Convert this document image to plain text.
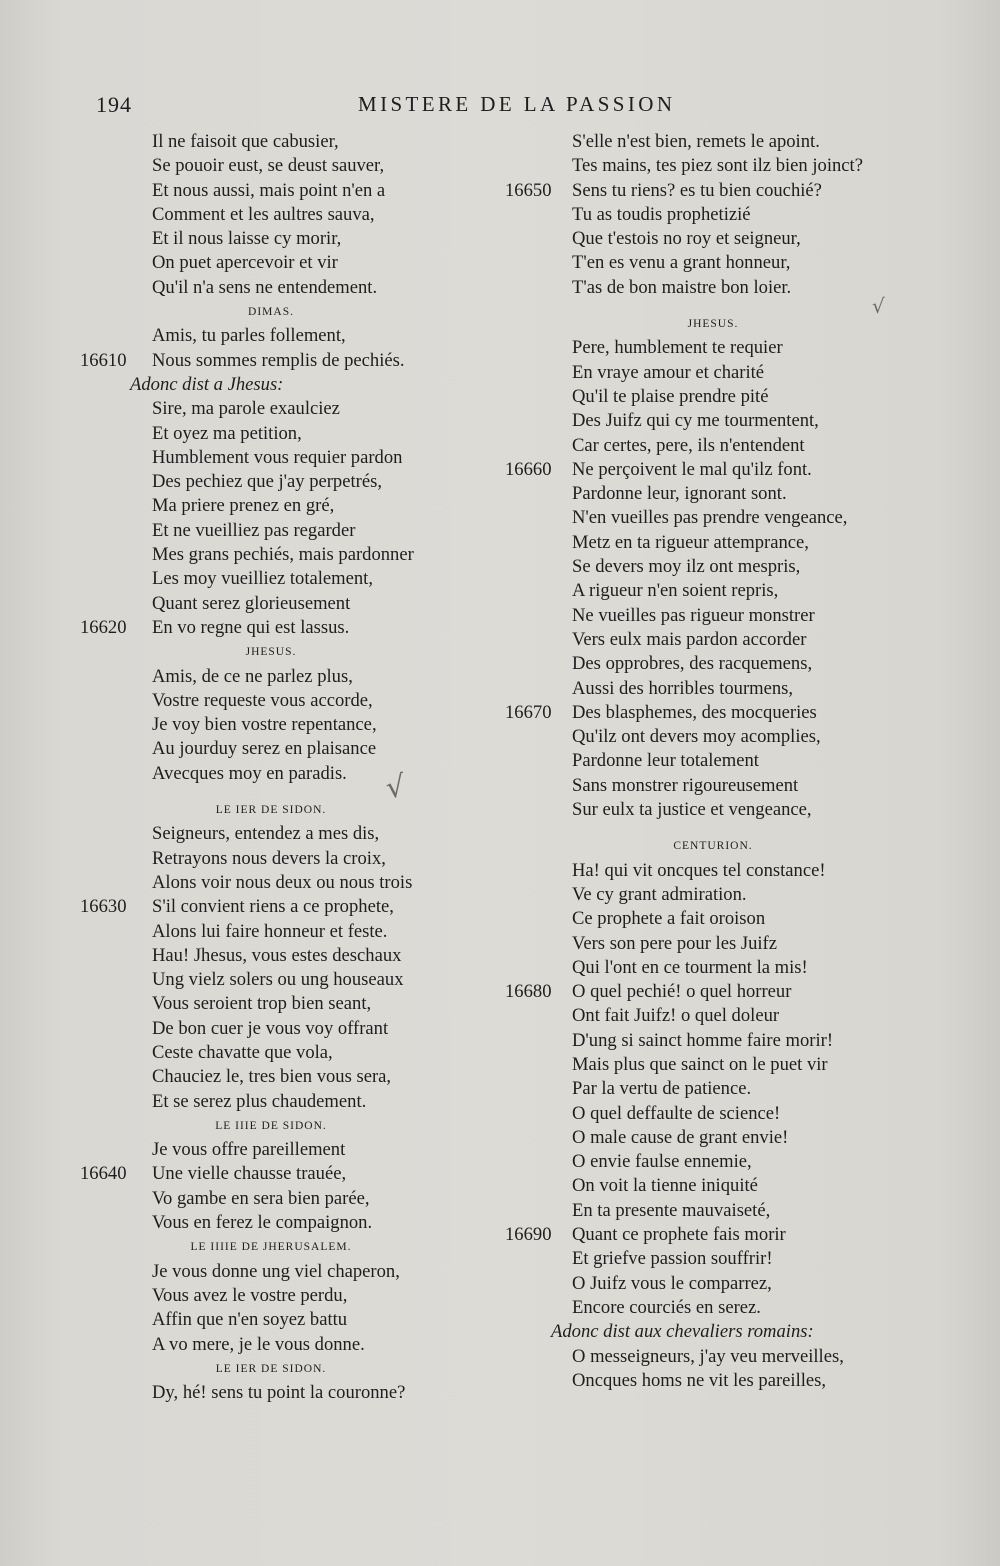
194	MISTERE DE LA PASSION
Il ne faisoit que cabusier,
Se pouoir eust, se deust sauver,
Et nous aussi, mais point n'en a
Comment et les aultres sauva,
Et il nous laisse cy morir,
On puet apercevoir et vir
Qu'il n'a sens ne entendement.
DIMAS.
Amis, tu parles follement,
16610	Nous sommes remplis de pechiés.
Adonc dist a Jhesus:
Sire, ma parole exaulciez
Et oyez ma petition,
Humblement vous requier pardon
Des pechiez que j'ay perpetrés,
Ma priere prenez en gré,
Et ne vueilliez pas regarder
Mes grans pechiés, mais pardonner
Les moy vueilliez totalement,
Quant serez glorieusement
16620	En vo regne qui est lassus.
JHESUS.
Amis, de ce ne parlez plus,
Vostre requeste vous accorde,
Je voy bien vostre repentance,
Au jourduy serez en plaisance
Avecques moy en paradis.
LE IER DE SIDON.
Seigneurs, entendez a mes dis,
Retrayons nous devers la croix,
Alons voir nous deux ou nous trois
16630	S'il convient riens a ce prophete,
Alons lui faire honneur et feste.
Hau! Jhesus, vous estes deschaux
Ung vielz solers ou ung houseaux
Vous seroient trop bien seant,
De bon cuer je vous voy offrant
Ceste chavatte que vola,
Chauciez le, tres bien vous sera,
Et se serez plus chaudement.
LE IIIE DE SIDON.
Je vous offre pareillement
16640	Une vielle chausse trauée,
Vo gambe en sera bien parée,
Vous en ferez le compaignon.
LE IIIIE DE JHERUSALEM.
Je vous donne ung viel chaperon,
Vous avez le vostre perdu,
Affin que n'en soyez battu
A vo mere, je le vous donne.
LE IER DE SIDON.
Dy, hé! sens tu point la couronne?
S'elle n'est bien, remets le apoint.
Tes mains, tes piez sont ilz bien joinct?
16650	Sens tu riens? es tu bien couchié?
Tu as toudis prophetizié
Que t'estois no roy et seigneur,
T'en es venu a grant honneur,
T'as de bon maistre bon loier.
JHESUS.
Pere, humblement te requier
En vraye amour et charité
Qu'il te plaise prendre pité
Des Juifz qui cy me tourmentent,
Car certes, pere, ils n'entendent
16660	Ne perçoivent le mal qu'ilz font.
Pardonne leur, ignorant sont.
N'en vueilles pas prendre vengeance,
Metz en ta rigueur attemprance,
Se devers moy ilz ont mespris,
A rigueur n'en soient repris,
Ne vueilles pas rigueur monstrer
Vers eulx mais pardon accorder
Des opprobres, des racquemens,
Aussi des horribles tourmens,
16670	Des blasphemes, des mocqueries
Qu'ilz ont devers moy acomplies,
Pardonne leur totalement
Sans monstrer rigoureusement
Sur eulx ta justice et vengeance,
CENTURION.
Ha! qui vit oncques tel constance!
Ve cy grant admiration.
Ce prophete a fait oroison
Vers son pere pour les Juifz
Qui l'ont en ce tourment la mis!
16680	O quel pechié! o quel horreur
Ont fait Juifz! o quel doleur
D'ung si sainct homme faire morir!
Mais plus que sainct on le puet vir
Par la vertu de patience.
O quel deffaulte de science!
O male cause de grant envie!
O envie faulse ennemie,
On voit la tienne iniquité
En ta presente mauvaiseté,
16690	Quant ce prophete fais morir
Et griefve passion souffrir!
O Juifz vous le comparrez,
Encore courciés en serez.
Adonc dist aux chevaliers romains:
O messeigneurs, j'ay veu merveilles,
Oncques homs ne vit les pareilles,
√
√
